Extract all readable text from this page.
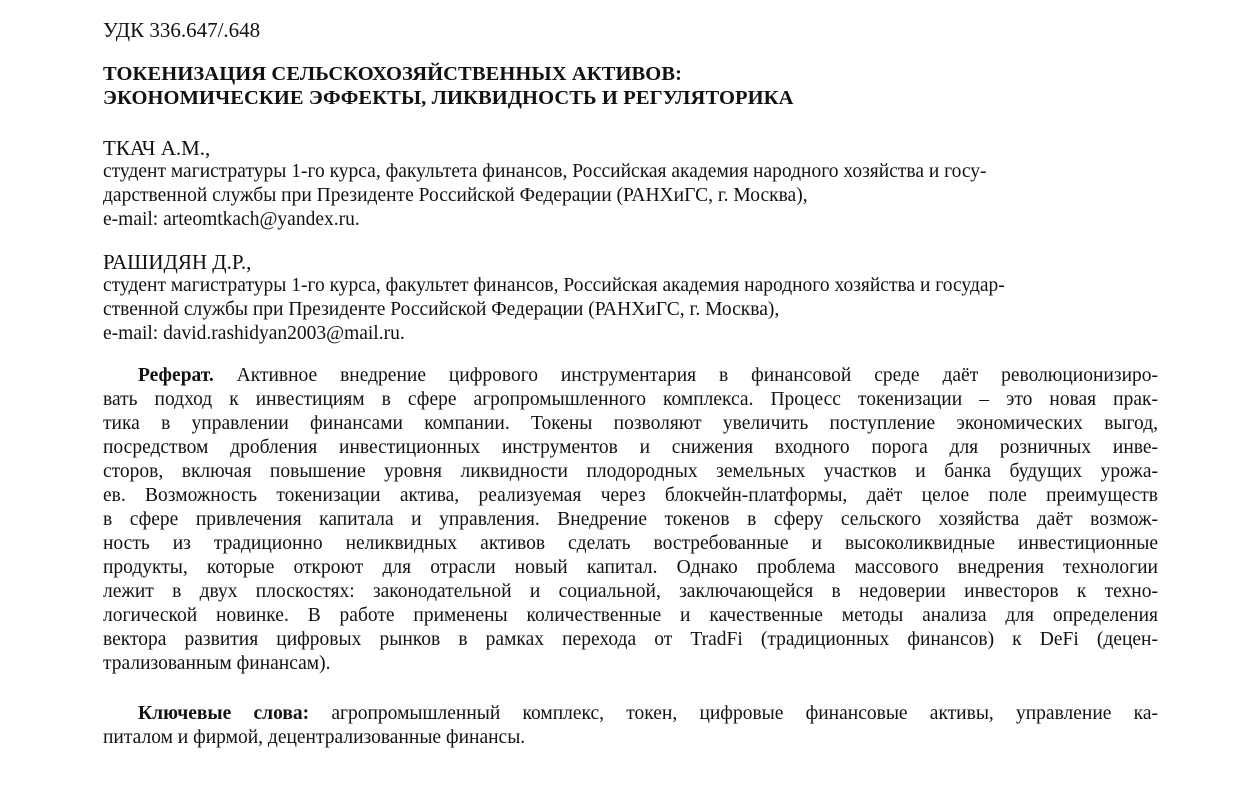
УДК 336.647/.648
ТОКЕНИЗАЦИЯ СЕЛЬСКОХОЗЯЙСТВЕННЫХ АКТИВОВ:
ЭКОНОМИЧЕСКИЕ ЭФФЕКТЫ, ЛИКВИДНОСТЬ И РЕГУЛЯТОРИКА
ТКАЧ А.М.,
студент магистратуры 1-го курса, факультета финансов, Российская академия народного хозяйства и госу-
дарственной службы при Президенте Российской Федерации (РАНХиГС, г. Москва),
e-mail: arteomtkach@yandex.ru.
РАШИДЯН Д.Р.,
студент магистратуры 1-го курса, факультет финансов, Российская академия народного хозяйства и государ-
ственной службы при Президенте Российской Федерации (РАНХиГС, г. Москва),
e-mail: david.rashidyan2003@mail.ru.
Реферат. Активное внедрение цифрового инструментария в финансовой среде даёт революционизиро-
вать подход к инвестициям в сфере агропромышленного комплекса. Процесс токенизации – это новая прак-
тика в управлении финансами компании. Токены позволяют увеличить поступление экономических выгод,
посредством дробления инвестиционных инструментов и снижения входного порога для розничных инве-
сторов, включая повышение уровня ликвидности плодородных земельных участков и банка будущих урожа-
ев. Возможность токенизации актива, реализуемая через блокчейн-платформы, даёт целое поле преимуществ
в сфере привлечения капитала и управления. Внедрение токенов в сферу сельского хозяйства даёт возмож-
ность из традиционно неликвидных активов сделать востребованные и высоколиквидные инвестиционные
продукты, которые откроют для отрасли новый капитал. Однако проблема массового внедрения технологии
лежит в двух плоскостях: законодательной и социальной, заключающейся в недоверии инвесторов к техно-
логической новинке. В работе применены количественные и качественные методы анализа для определения
вектора развития цифровых рынков в рамках перехода от TradFi (традиционных финансов) к DeFi (децен-
трализованным финансам).
Ключевые слова: агропромышленный комплекс, токен, цифровые финансовые активы, управление ка-
питалом и фирмой, децентрализованные финансы.
